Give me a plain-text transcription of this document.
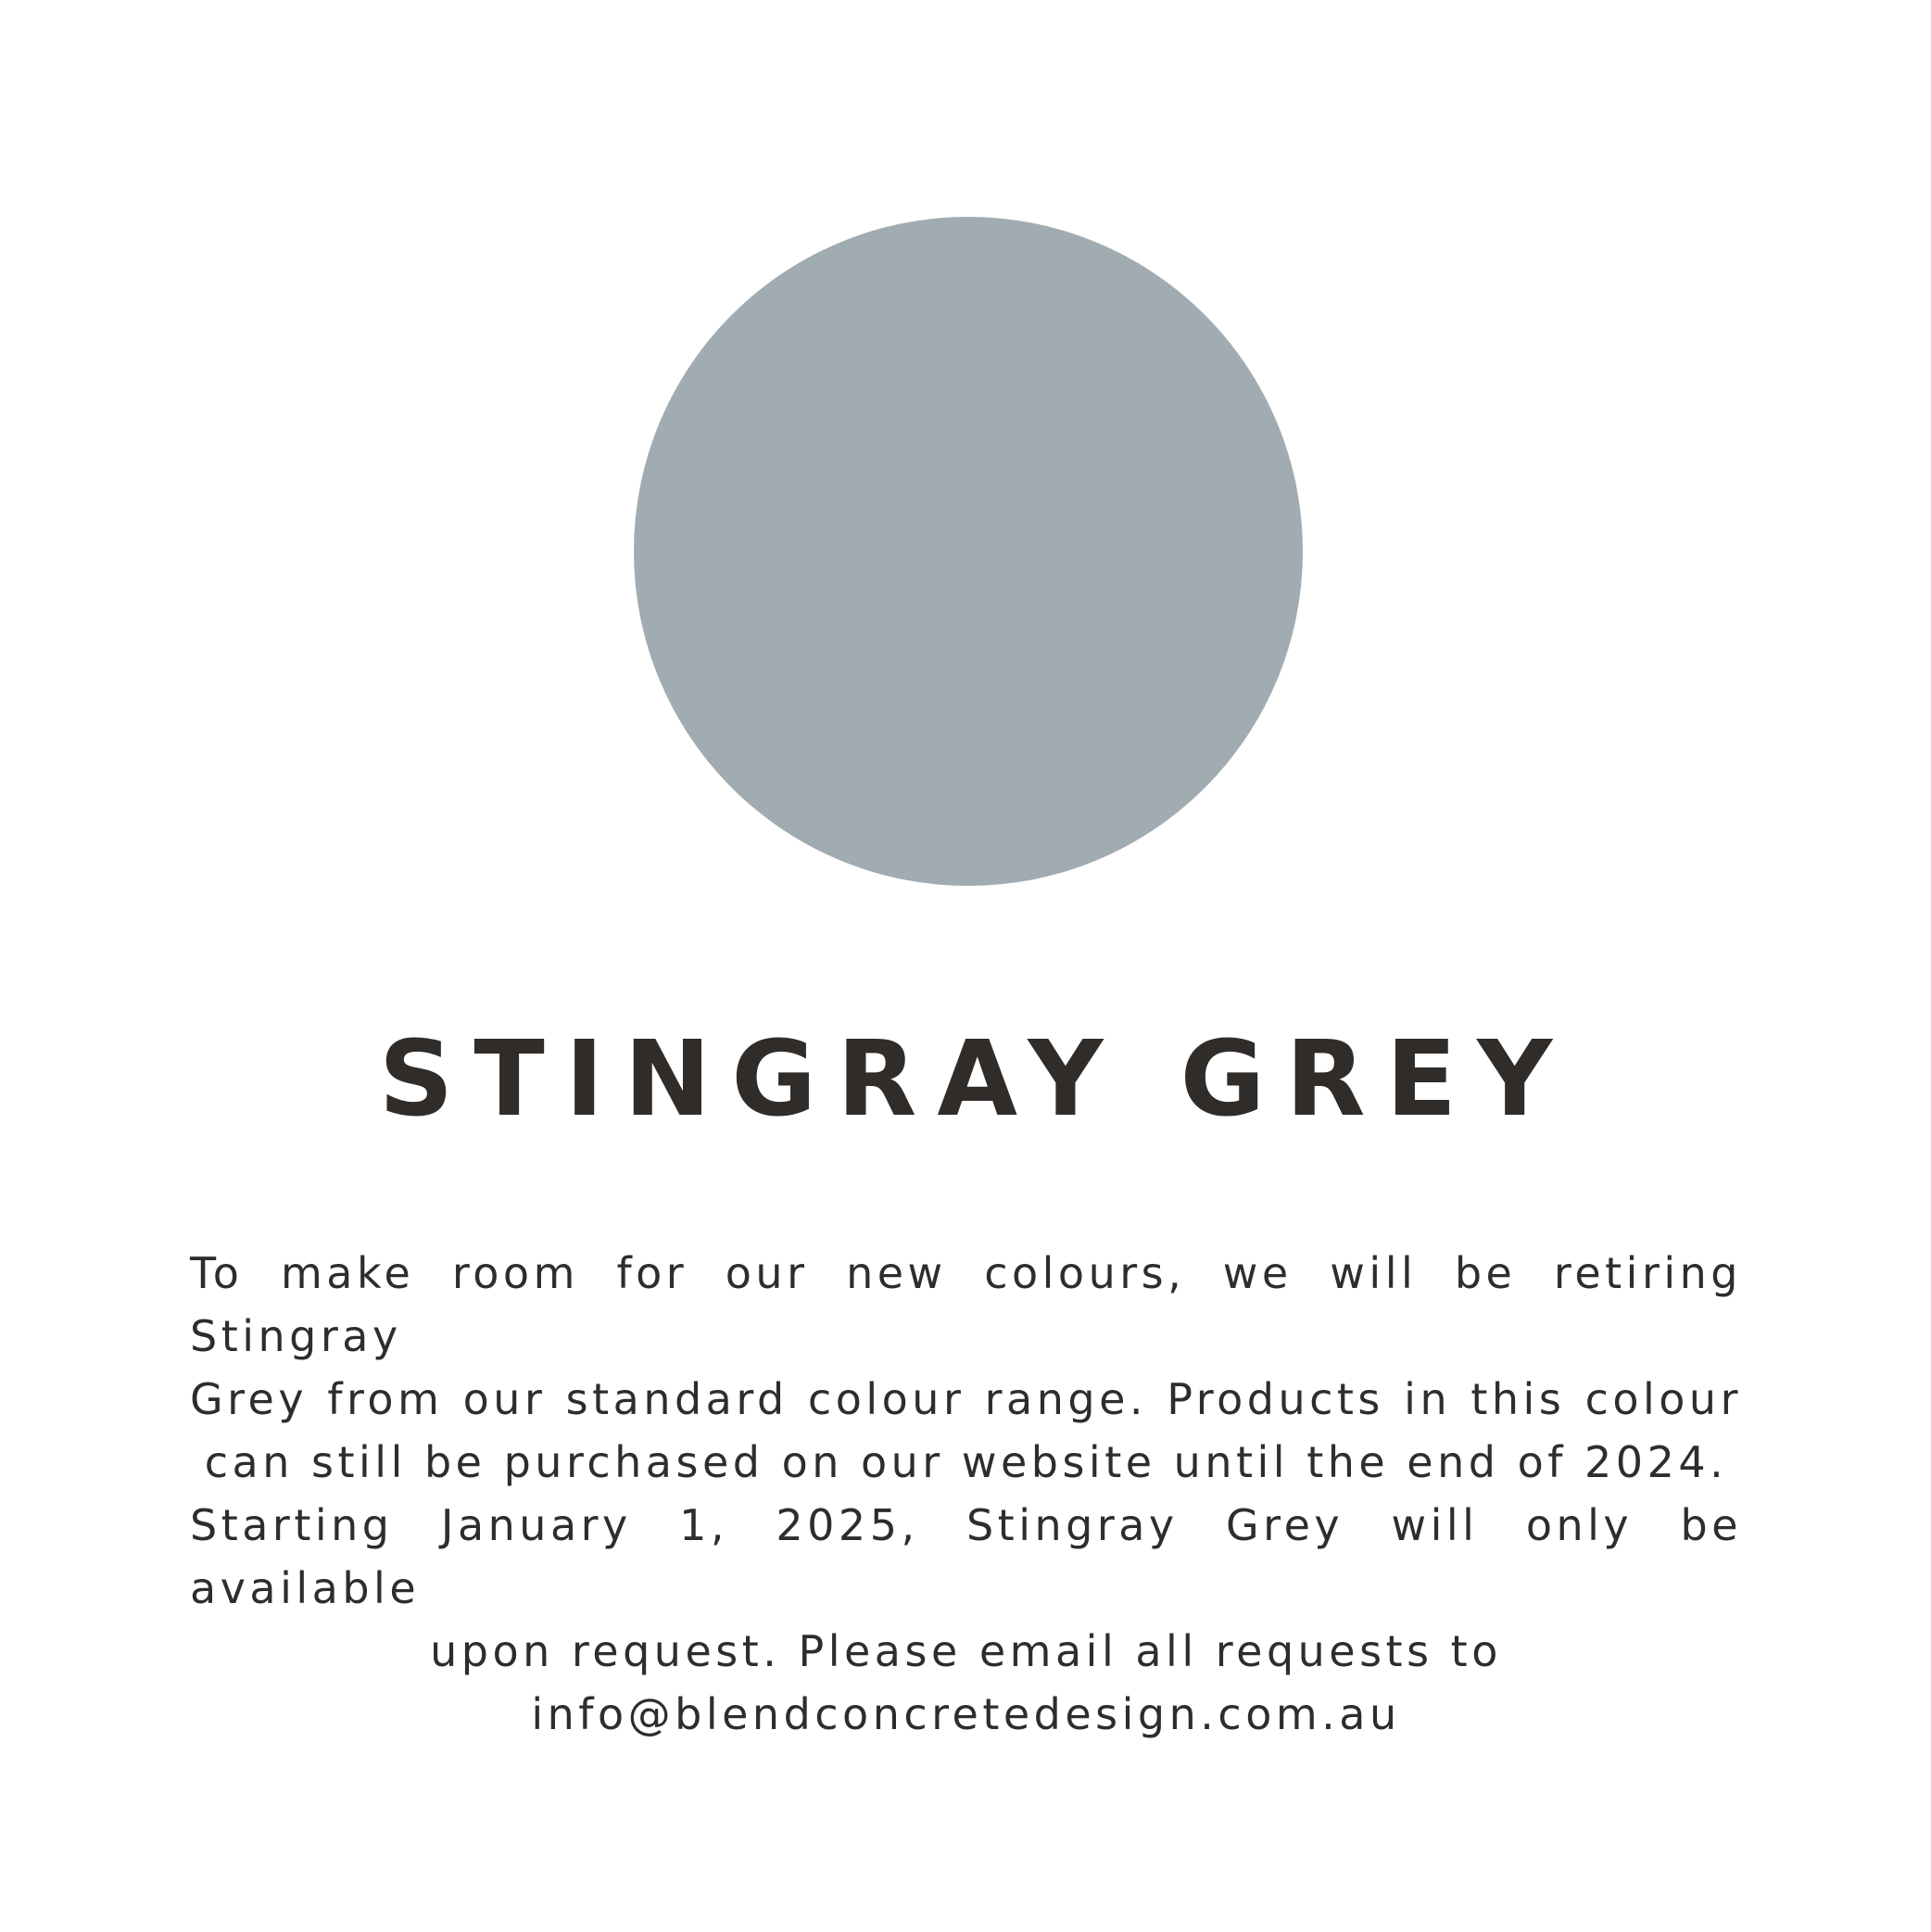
STINGRAY GREY
To make room for our new colours, we will be retiring Stingray
Grey from our standard colour range. Products in this colour
can still be purchased on our website until the end of 2024.
Starting January 1, 2025, Stingray Grey will only be available
upon request. Please email all requests to
info@blendconcretedesign.com.au
